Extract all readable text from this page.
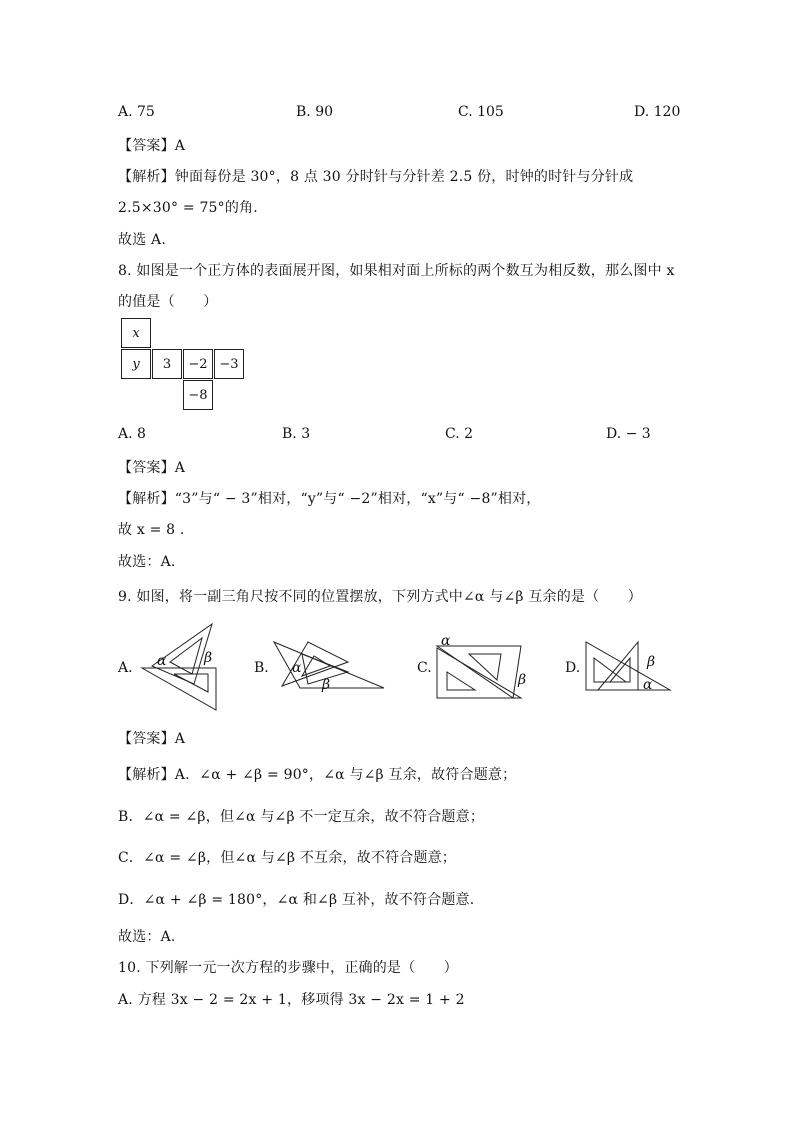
A. 75	B. 90	C. 105	D. 120
【答案】A
【解析】钟面每份是 30°，8 点 30 分时针与分针差 2.5 份，时钟的时针与分针成
2.5×30° = 75°的角.
故选 A.
8. 如图是一个正方体的表面展开图，如果相对面上所标的两个数互为相反数，那么图中 x
的值是（　　）
x
y 3 −2 −3
−8
A. 8	B. 3	C. 2	D. − 3
【答案】A
【解析】“3”与“ − 3”相对，“y”与“ −2”相对，“x”与“ −8”相对，
故 x = 8 .
故选：A.
9. 如图，将一副三角尺按不同的位置摆放，下列方式中∠α 与∠β 互余的是（　　）
A. α	β
B. α
β
C.
α
β
D.
α
β
【答案】A
【解析】A．∠α + ∠β = 90°，∠α 与∠β 互余，故符合题意；
B．∠α = ∠β，但∠α 与∠β 不一定互余，故不符合题意；
C．∠α = ∠β，但∠α 与∠β 不互余，故不符合题意；
D．∠α + ∠β = 180°，∠α 和∠β 互补，故不符合题意.
故选：A.
10. 下列解一元一次方程的步骤中，正确的是（　　）
A. 方程 3x − 2 = 2x + 1，移项得 3x − 2x = 1 + 2
